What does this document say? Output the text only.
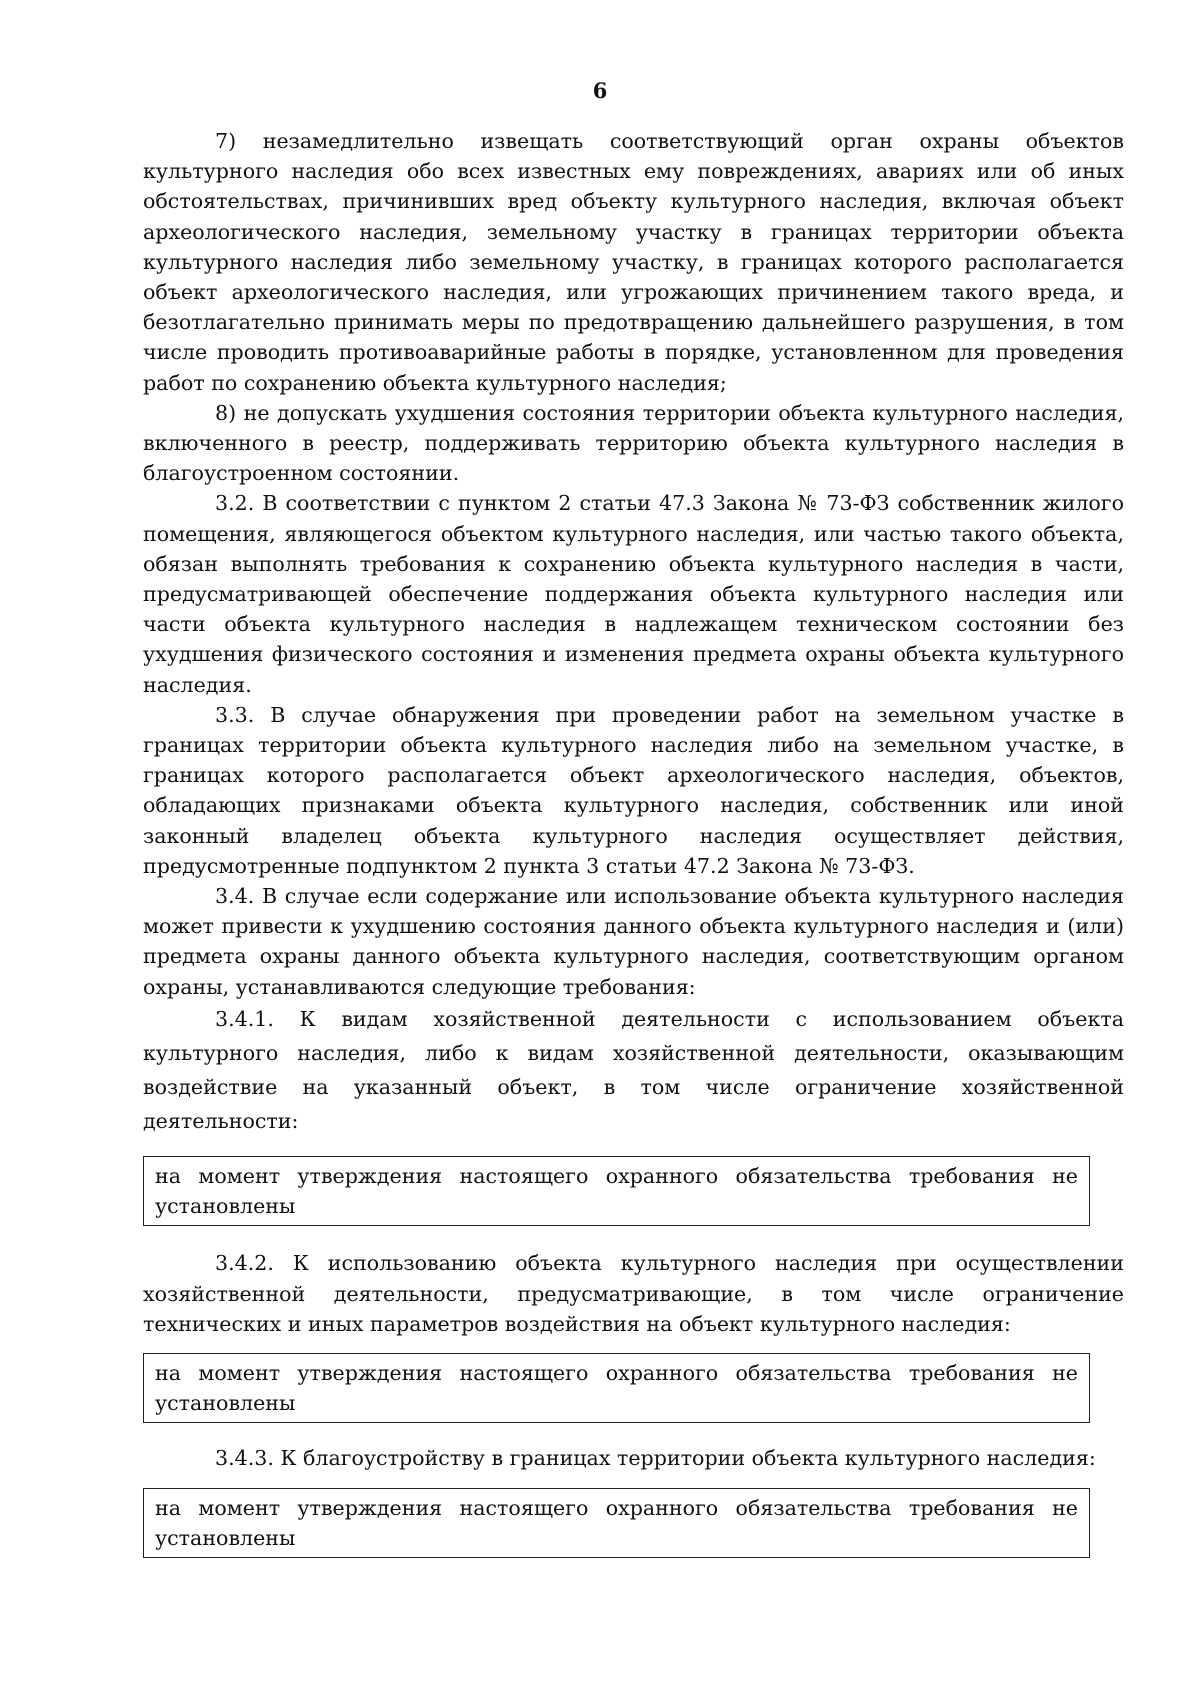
6

7) незамедлительно извещать соответствующий орган охраны объектов культурного наследия обо всех известных ему повреждениях, авариях или об иных обстоятельствах, причинивших вред объекту культурного наследия, включая объект археологического наследия, земельному участку в границах территории объекта культурного наследия либо земельному участку, в границах которого располагается объект археологического наследия, или угрожающих причинением такого вреда, и безотлагательно принимать меры по предотвращению дальнейшего разрушения, в том числе проводить противоаварийные работы в порядке, установленном для проведения работ по сохранению объекта культурного наследия;

8) не допускать ухудшения состояния территории объекта культурного наследия, включенного в реестр, поддерживать территорию объекта культурного наследия в благоустроенном состоянии.

3.2. В соответствии с пунктом 2 статьи 47.3 Закона № 73-ФЗ собственник жилого помещения, являющегося объектом культурного наследия, или частью такого объекта, обязан выполнять требования к сохранению объекта культурного наследия в части, предусматривающей обеспечение поддержания объекта культурного наследия или части объекта культурного наследия в надлежащем техническом состоянии без ухудшения физического состояния и изменения предмета охраны объекта культурного наследия.

3.3. В случае обнаружения при проведении работ на земельном участке в границах территории объекта культурного наследия либо на земельном участке, в границах которого располагается объект археологического наследия, объектов, обладающих признаками объекта культурного наследия, собственник или иной законный владелец объекта культурного наследия осуществляет действия, предусмотренные подпунктом 2 пункта 3 статьи 47.2 Закона № 73-ФЗ.

3.4. В случае если содержание или использование объекта культурного наследия может привести к ухудшению состояния данного объекта культурного наследия и (или) предмета охраны данного объекта культурного наследия, соответствующим органом охраны, устанавливаются следующие требования:

3.4.1. К видам хозяйственной деятельности с использованием объекта культурного наследия, либо к видам хозяйственной деятельности, оказывающим воздействие на указанный объект, в том числе ограничение хозяйственной деятельности:

на момент утверждения настоящего охранного обязательства требования не установлены

3.4.2. К использованию объекта культурного наследия при осуществлении хозяйственной деятельности, предусматривающие, в том числе ограничение технических и иных параметров воздействия на объект культурного наследия:

на момент утверждения настоящего охранного обязательства требования не установлены

3.4.3. К благоустройству в границах территории объекта культурного наследия:

на момент утверждения настоящего охранного обязательства требования не установлены
